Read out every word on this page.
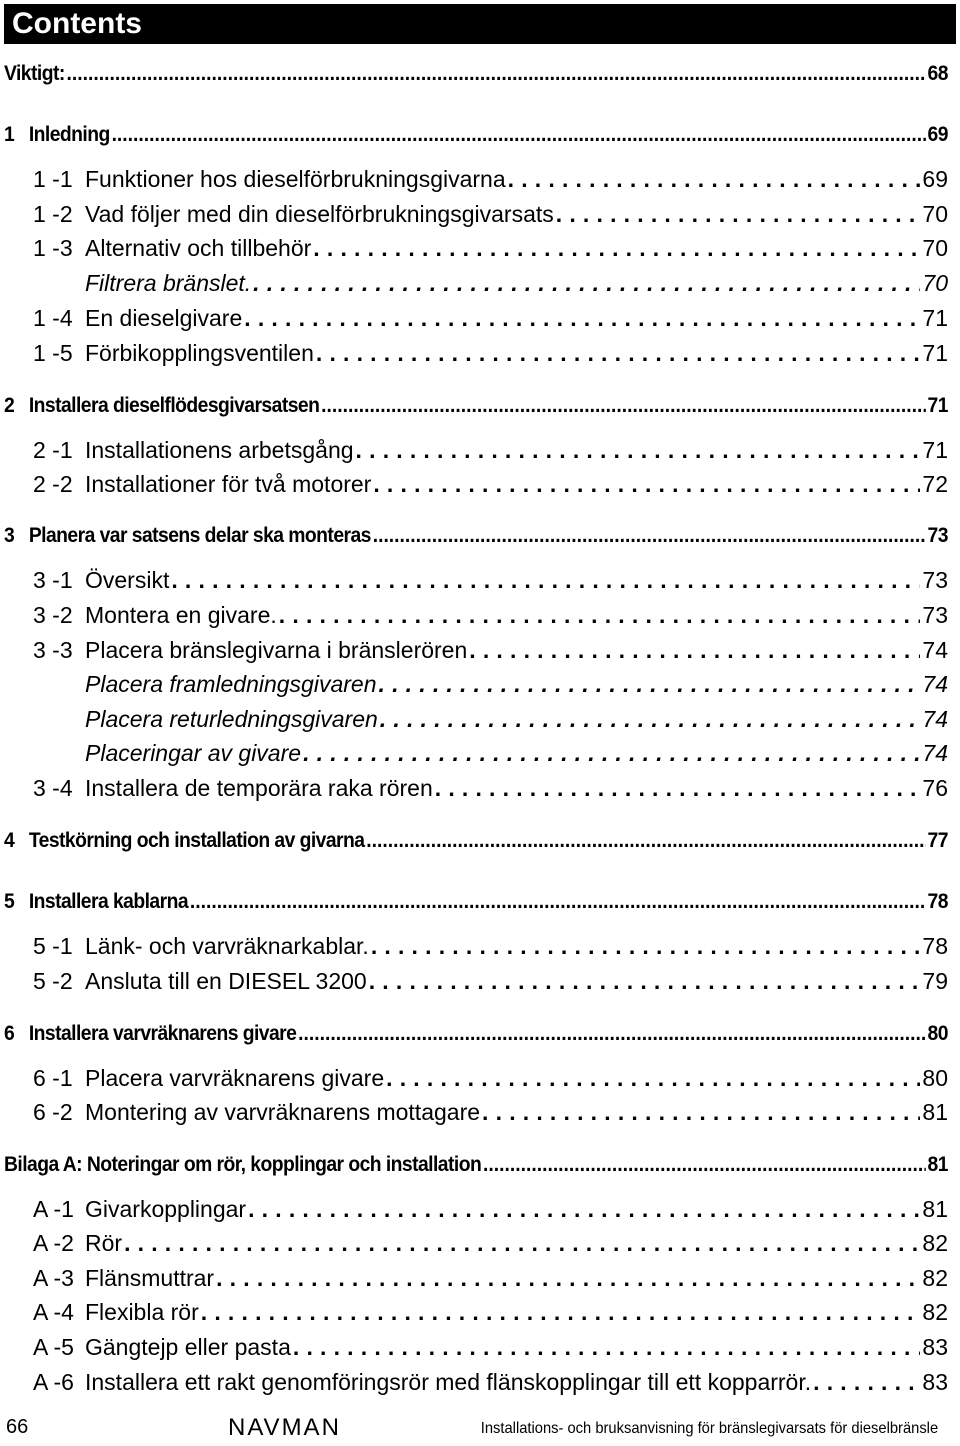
Contents
Viktigt: .....	68
1 Inledning .....	69
1 -1 Funktioner hos dieselförbrukningsgivarna . . .	69
1 -2 Vad följer med din dieselförbrukningsgivarsats . . .	70
1 -3 Alternativ och tillbehör . . .	70
Filtrera bränslet. . . .	70
1 -4 En dieselgivare . . .	71
1 -5 Förbikopplingsventilen . . .	71
2 Installera dieselflödesgivarsatsen .....	71
2 -1 Installationens arbetsgång . . .	71
2 -2 Installationer för två motorer . . .	72
3 Planera var satsens delar ska monteras .....	73
3 -1 Översikt . . .	73
3 -2 Montera en givare. . . .	73
3 -3 Placera bränslegivarna i bränslerören . . .	74
Placera framledningsgivaren . . .	74
Placera returledningsgivaren . . .	74
Placeringar av givare . . .	74
3 -4 Installera de temporära raka rören . . .	76
4 Testkörning och installation av givarna .....	77
5 Installera kablarna .....	78
5 -1 Länk- och varvräknarkablar. . . .	78
5 -2 Ansluta till en DIESEL 3200 . . .	79
6 Installera varvräknarens givare .....	80
6 -1 Placera varvräknarens givare . . .	80
6 -2 Montering av varvräknarens mottagare . . .	81
Bilaga A: Noteringar om rör, kopplingar och installation .....	81
A -1 Givarkopplingar . . .	81
A -2 Rör . . .	82
A -3 Flänsmuttrar . . .	82
A -4 Flexibla rör . . .	82
A -5 Gängtejp eller pasta . . .	83
A -6 Installera ett rakt genomföringsrör med flänskopplingar till ett kopparrör. . . .	83
66	NAVMAN	Installations- och bruksanvisning för bränslegivarsats för dieselbränsle
